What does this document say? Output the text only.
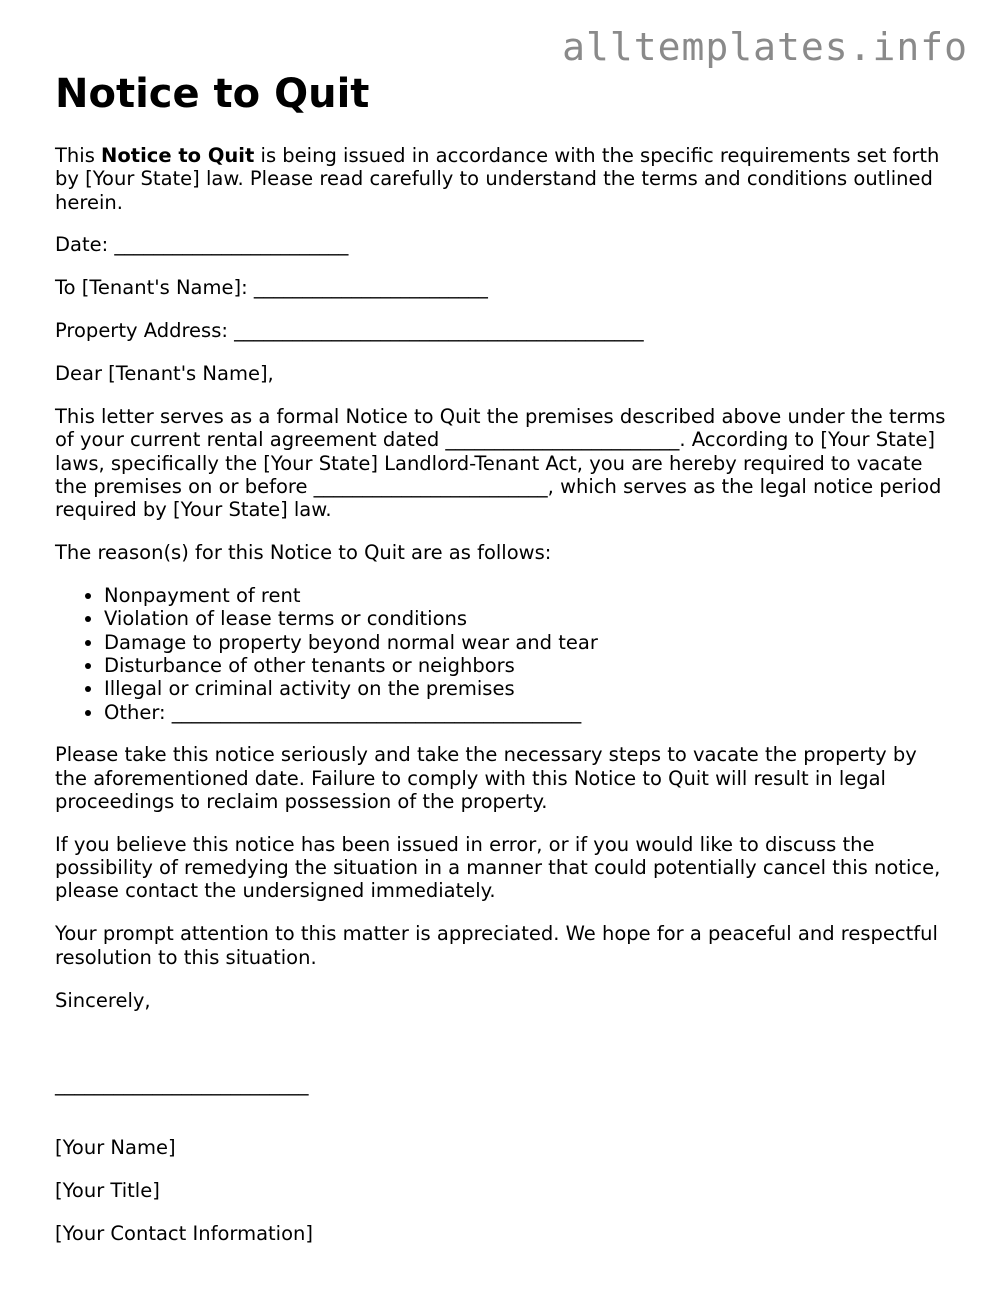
alltemplates.info
Notice to Quit

This Notice to Quit is being issued in accordance with the specific requirements set forth by [Your State] law. Please read carefully to understand the terms and conditions outlined herein.

Date: ________________________

To [Tenant's Name]: ________________________

Property Address: __________________________________________

Dear [Tenant's Name],

This letter serves as a formal Notice to Quit the premises described above under the terms of your current rental agreement dated ________________________. According to [Your State] laws, specifically the [Your State] Landlord-Tenant Act, you are hereby required to vacate the premises on or before ________________________, which serves as the legal notice period required by [Your State] law.

The reason(s) for this Notice to Quit are as follows:

• Nonpayment of rent
• Violation of lease terms or conditions
• Damage to property beyond normal wear and tear
• Disturbance of other tenants or neighbors
• Illegal or criminal activity on the premises
• Other: __________________________________________

Please take this notice seriously and take the necessary steps to vacate the property by the aforementioned date. Failure to comply with this Notice to Quit will result in legal proceedings to reclaim possession of the property.

If you believe this notice has been issued in error, or if you would like to discuss the possibility of remedying the situation in a manner that could potentially cancel this notice, please contact the undersigned immediately.

Your prompt attention to this matter is appreciated. We hope for a peaceful and respectful resolution to this situation.

Sincerely,

__________________________

[Your Name]

[Your Title]

[Your Contact Information]
